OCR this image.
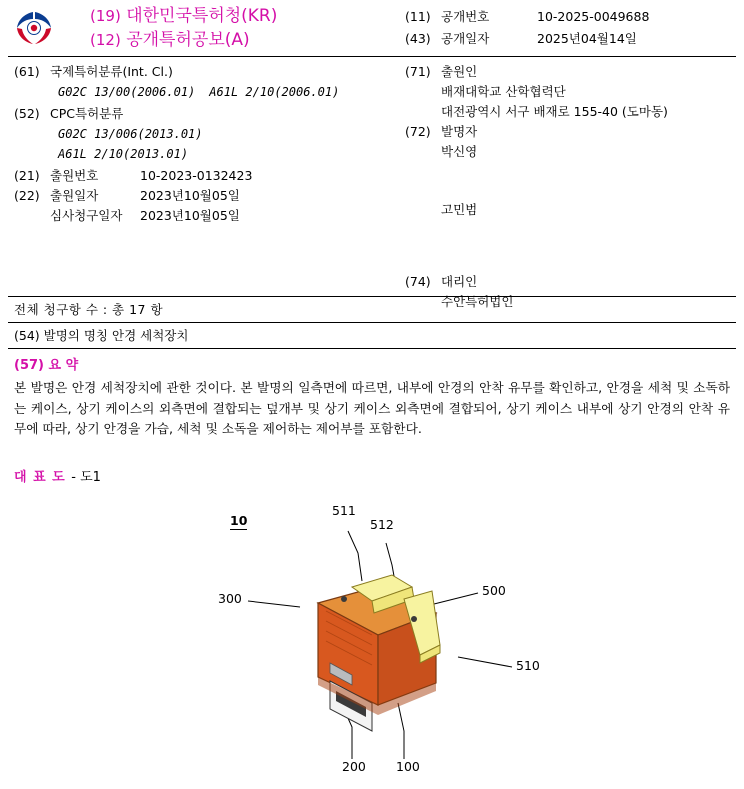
(19) 대한민국특허청(KR)
(12) 공개특허공보(A)
(11) 공개번호	10-2025-0049688
(43) 공개일자	2025년04월14일
(61) 국제특허분류(Int. Cl.)
G02C 13/00(2006.01) A61L 2/10(2006.01)
(52) CPC특허분류
G02C 13/006(2013.01)
A61L 2/10(2013.01)
(21) 출원번호	10-2023-0132423
(22) 출원일자	2023년10월05일
심사청구일자	2023년10월05일
(71) 출원인
배재대학교 산학협력단
대전광역시 서구 배재로 155-40 (도마동)
(72) 발명자
박신영
고민범
(74) 대리인
수안특허법인
전체 청구항 수 : 총 17 항
(54) 발명의 명칭 안경 세척장치
(57) 요 약
본 발명은 안경 세척장치에 관한 것이다. 본 발명의 일측면에 따르면, 내부에 안경의 안착 유무를 확인하고, 안경을 세척 및 소독하는 케이스, 상기 케이스의 외측면에 결합되는 덮개부 및 상기 케이스 외측면에 결합되어, 상기 케이스 내부에 상기 안경의 안착 유무에 따라, 상기 안경을 가습, 세척 및 소독을 제어하는 제어부를 포함한다.
대 표 도 - 도1
10
511
512
300
500
510
200 100
